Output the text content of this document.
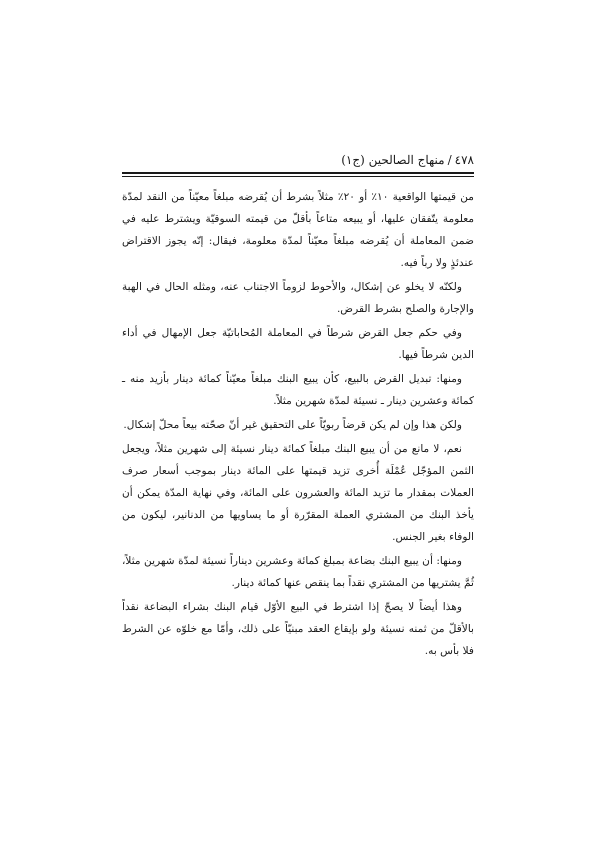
٤٧٨/منهاج الصالحين (ج١)

من قيمتها الواقعية ١٠٪ أو ٢٠٪ مثلاً بشرط أن يُقرضه مبلغاً معيّناً من النقد لمدّة معلومة يتّفقان عليها، أو يبيعه متاعاً بأقلّ من قيمته السوقيّة ويشترط عليه في ضمن المعاملة أن يُقرضه مبلغاً معيّناً لمدّة معلومة، فيقال: إنّه يجوز الاقتراض عندئذٍ ولا رباً فيه.

ولكنّه لا يخلو عن إشكال، والأحوط لزوماً الاجتناب عنه، ومثله الحال في الهبة والإجارة والصلح بشرط القرض.

وفي حكم جعل القرض شرطاً في المعاملة المُحاباتيّة جعل الإمهال في أداء الدين شرطاً فيها.

ومنها: تبديل القرض بالبيع، كأن يبيع البنك مبلغاً معيّناً كمائة دينار بأزيد منه ـ كمائة وعشرين دينار ـ نسيئة لمدّة شهرين مثلاً.

ولكن هذا وإن لم يكن قرضاً ربويّاً على التحقيق غير أنّ صحّته بيعاً محلّ إشكال.

نعم، لا مانع من أن يبيع البنك مبلغاً كمائة دينار نسيئة إلى شهرين مثلاً، ويجعل الثمن المؤجّل عُمْلَة أُخرى تزيد قيمتها على المائة دينار بموجب أسعار صرف العملات بمقدار ما تزيد المائة والعشرون على المائة، وفي نهاية المدّة يمكن أن يأخذ البنك من المشتري العملة المقرّرة أو ما يساويها من الدنانير، ليكون من الوفاء بغير الجنس.

ومنها: أن يبيع البنك بضاعة بمبلغ كمائة وعشرين ديناراً نسيئة لمدّة شهرين مثلاً، ثُمَّ يشتريها من المشتري نقداً بما ينقص عنها كمائة دينار.

وهذا أيضاً لا يصحّ إذا اشترط في البيع الأوّل قيام البنك بشراء البضاعة نقداً بالأقلّ من ثمنه نسيئة ولو بإيقاع العقد مبنيّاً على ذلك، وأمّا مع خلوّه عن الشرط فلا بأس به.
